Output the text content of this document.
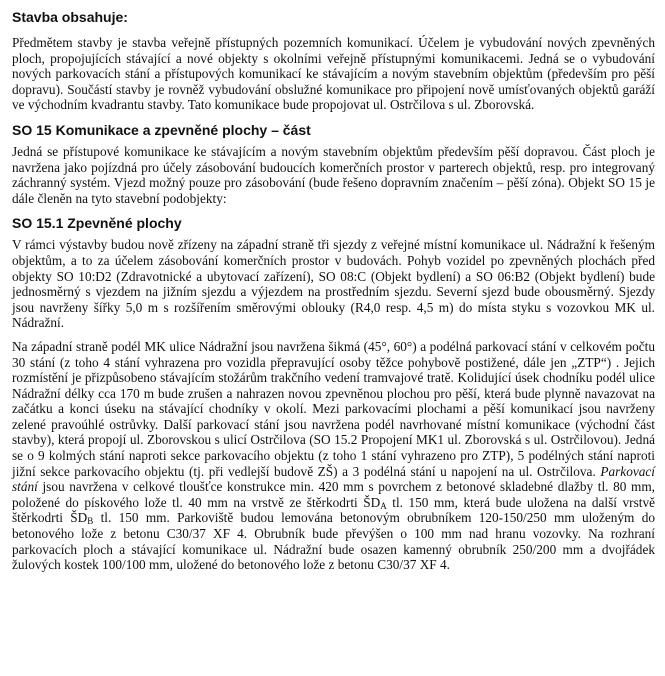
Stavba obsahuje:

Předmětem stavby je stavba veřejně přístupných pozemních komunikací. Účelem je vybudování nových zpevněných ploch, propojujících stávající a nové objekty s okolními veřejně přístupnými komunikacemi. Jedná se o vybudování nových parkovacích stání a přístupových komunikací ke stávajícím a novým stavebním objektům (především pro pěší dopravu). Součástí stavby je rovněž vybudování obslužné komunikace pro připojení nově umísťovaných objektů garáží ve východním kvadrantu stavby. Tato komunikace bude propojovat ul. Ostrčilova s ul. Zborovská.

SO 15 Komunikace a zpevněné plochy – část

Jedná se přístupové komunikace ke stávajícím a novým stavebním objektům především pěší dopravou. Část ploch je navržena jako pojízdná pro účely zásobování budoucích komerčních prostor v parterech objektů, resp. pro integrovaný záchranný systém. Vjezd možný pouze pro zásobování (bude řešeno dopravním značením – pěší zóna). Objekt SO 15 je dále členěn na tyto stavební podobjekty:

SO 15.1 Zpevněné plochy

V rámci výstavby budou nově zřízeny na západní straně tři sjezdy z veřejné místní komunikace ul. Nádražní k řešeným objektům, a to za účelem zásobování komerčních prostor v budovách. Pohyb vozidel po zpevněných plochách před objekty SO 10:D2 (Zdravotnické a ubytovací zařízení), SO 08:C (Objekt bydlení) a SO 06:B2 (Objekt bydlení) bude jednosměrný s vjezdem na jižním sjezdu a výjezdem na prostředním sjezdu. Severní sjezd bude obousměrný. Sjezdy jsou navrženy šířky 5,0 m s rozšířením směrovými oblouky (R4,0 resp. 4,5 m) do místa styku s vozovkou MK ul. Nádražní.

Na západní straně podél MK ulice Nádražní jsou navržena šikmá (45°, 60°) a podélná parkovací stání v celkovém počtu 30 stání (z toho 4 stání vyhrazena pro vozidla přepravující osoby těžce pohybově postižené, dále jen „ZTP“) . Jejich rozmístění je přizpůsobeno stávajícím stožárům trakčního vedení tramvajové tratě. Kolidující úsek chodníku podél ulice Nádražní délky cca 170 m bude zrušen a nahrazen novou zpevněnou plochou pro pěší, která bude plynně navazovat na začátku a konci úseku na stávající chodníky v okolí. Mezi parkovacími plochami a pěší komunikací jsou navrženy zelené pravoúhlé ostrůvky. Další parkovací stání jsou navržena podél navrhované místní komunikace (východní část stavby), která propojí ul. Zborovskou s ulicí Ostrčilova (SO 15.2 Propojení MK1 ul. Zborovská s ul. Ostrčilovou). Jedná se o 9 kolmých stání naproti sekce parkovacího objektu (z toho 1 stání vyhrazeno pro ZTP), 5 podélných stání naproti jižní sekce parkovacího objektu (tj. při vedlejší budově ZŠ) a 3 podélná stání u napojení na ul. Ostrčilova. Parkovací stání jsou navržena v celkové tloušťce konstrukce min. 420 mm s povrchem z betonové skladebné dlažby tl. 80 mm, položené do pískového lože tl. 40 mm na vrstvě ze štěrkodrti $ŠD_A$ tl. 150 mm, která bude uložena na další vrstvě štěrkodrti $ŠD_B$ tl. 150 mm. Parkoviště budou lemována betonovým obrubníkem 120-150/250 mm uloženým do betonového lože z betonu C30/37 XF 4. Obrubník bude převýšen o 100 mm nad hranu vozovky. Na rozhraní parkovacích ploch a stávající komunikace ul. Nádražní bude osazen kamenný obrubník 250/200 mm a dvojřádek žulových kostek 100/100 mm, uložené do betonového lože z betonu C30/37 XF 4.
